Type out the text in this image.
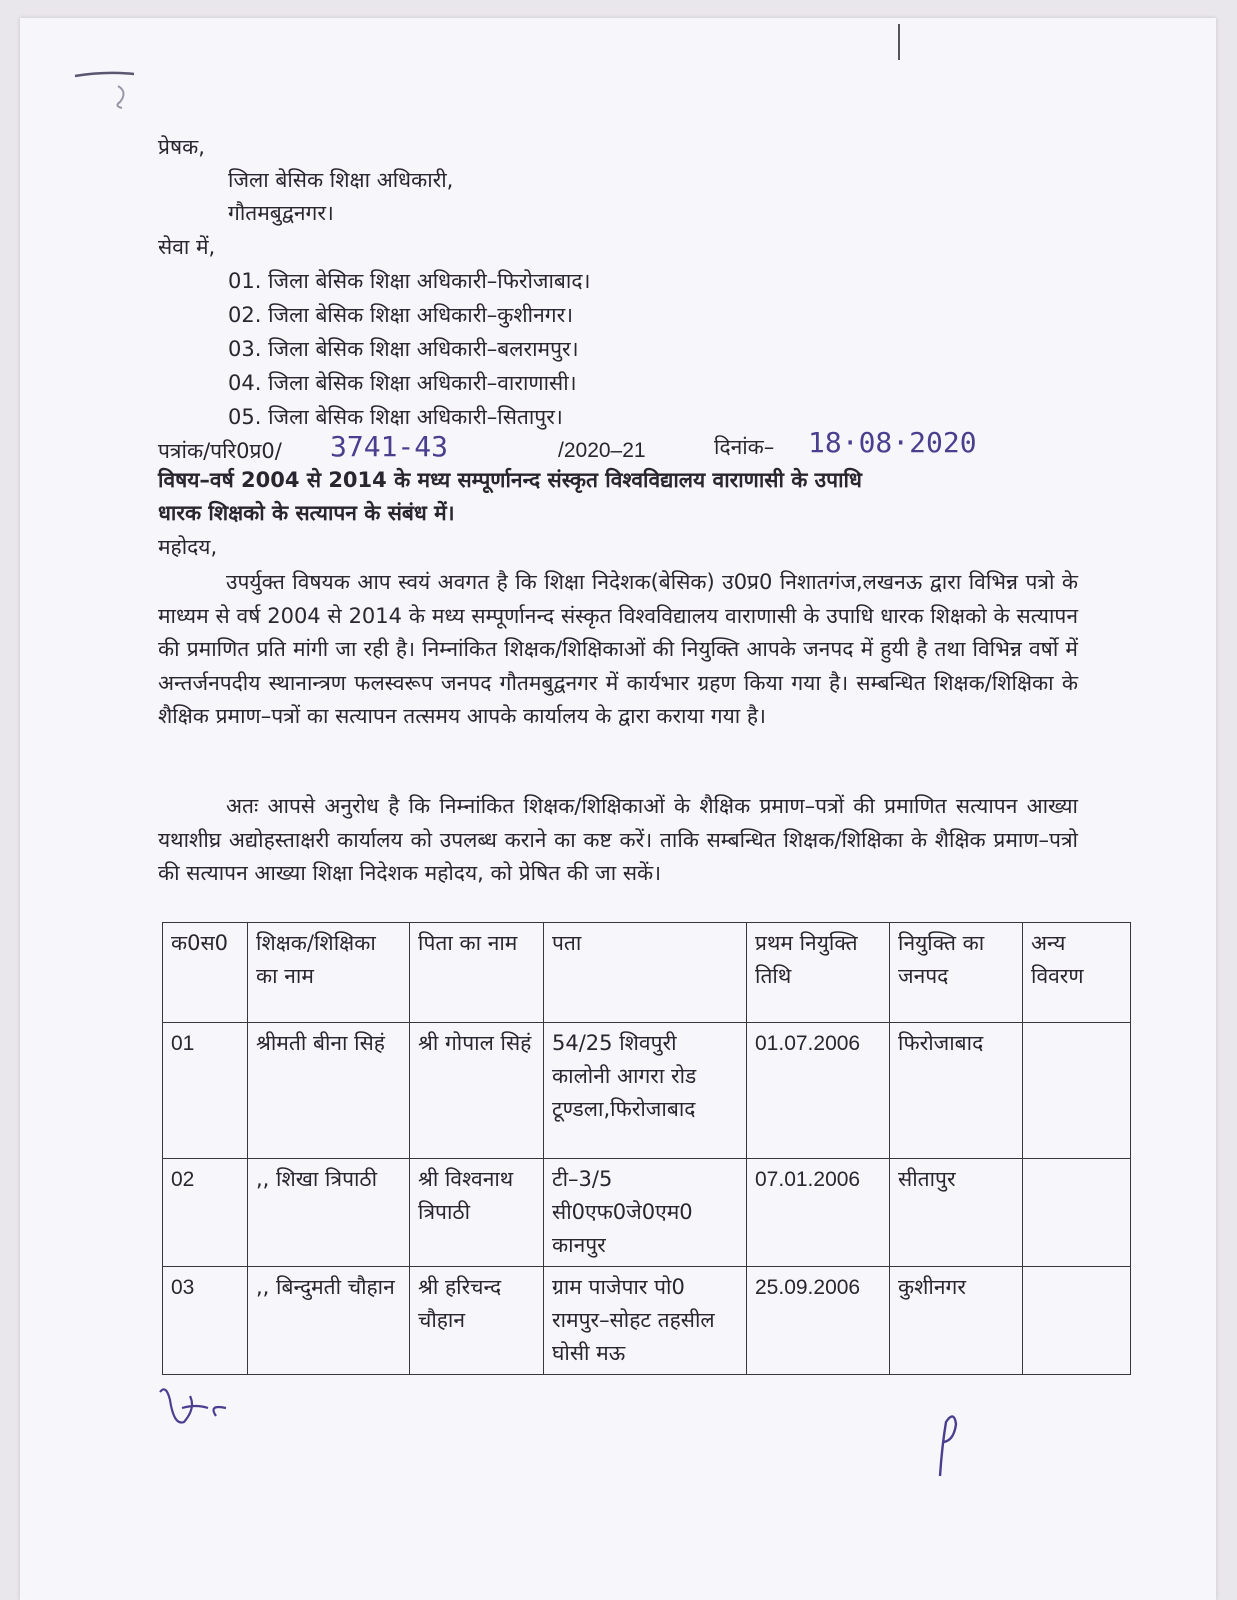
प्रेषक,
जिला बेसिक शिक्षा अधिकारी,
गौतमबुद्वनगर।
सेवा में,
01. जिला बेसिक शिक्षा अधिकारी–फिरोजाबाद।
02. जिला बेसिक शिक्षा अधिकारी–कुशीनगर।
03. जिला बेसिक शिक्षा अधिकारी–बलरामपुर।
04. जिला बेसिक शिक्षा अधिकारी–वाराणासी।
05. जिला बेसिक शिक्षा अधिकारी–सितापुर।
पत्रांक/परि0प्र0/ 3741-43	/2020–21	दिनांक– 18·08·2020
विषय–वर्ष 2004 से 2014 के मध्य सम्पूर्णानन्द संस्कृत विश्वविद्यालय वाराणासी के उपाधि
धारक शिक्षको के सत्यापन के संबंध में।
महोदय,
उपर्युक्त विषयक आप स्वयं अवगत है कि शिक्षा निदेशक(बेसिक) उ0प्र0 निशातगंज,लखनऊ द्वारा विभिन्न पत्रो के माध्यम से वर्ष 2004 से 2014 के मध्य सम्पूर्णानन्द संस्कृत विश्वविद्यालय वाराणासी के उपाधि धारक शिक्षको के सत्यापन की प्रमाणित प्रति मांगी जा रही है। निम्नांकित शिक्षक/शिक्षिकाओं की नियुक्ति आपके जनपद में हुयी है तथा विभिन्न वर्षो में अन्तर्जनपदीय स्थानान्त्रण फलस्वरूप जनपद गौतमबुद्वनगर में कार्यभार ग्रहण किया गया है। सम्बन्धित शिक्षक/शिक्षिका के शैक्षिक प्रमाण–पत्रों का सत्यापन तत्समय आपके कार्यालय के द्वारा कराया गया है।
अतः आपसे अनुरोध है कि निम्नांकित शिक्षक/शिक्षिकाओं के शैक्षिक प्रमाण–पत्रों की प्रमाणित सत्यापन आख्या यथाशीघ्र अद्योहस्ताक्षरी कार्यालय को उपलब्ध कराने का कष्ट करें। ताकि सम्बन्धित शिक्षक/शिक्षिका के शैक्षिक प्रमाण–पत्रो की सत्यापन आख्या शिक्षा निदेशक महोदय, को प्रेषित की जा सकें।
क0स0	शिक्षक/शिक्षिका का नाम	पिता का नाम	पता	प्रथम नियुक्ति तिथि	नियुक्ति का जनपद	अन्य विवरण
01	श्रीमती बीना सिहं	श्री गोपाल सिहं	54/25 शिवपुरी कालोनी आगरा रोड टूण्डला,फिरोजाबाद	01.07.2006	फिरोजाबाद	
02	,, शिखा त्रिपाठी	श्री विश्वनाथ त्रिपाठी	टी–3/5 सी0एफ0जे0एम0 कानपुर	07.01.2006	सीतापुर	
03	,, बिन्दुमती चौहान	श्री हरिचन्द चौहान	ग्राम पाजेपार पो0 रामपुर–सोहट तहसील घोसी मऊ	25.09.2006	कुशीनगर	
